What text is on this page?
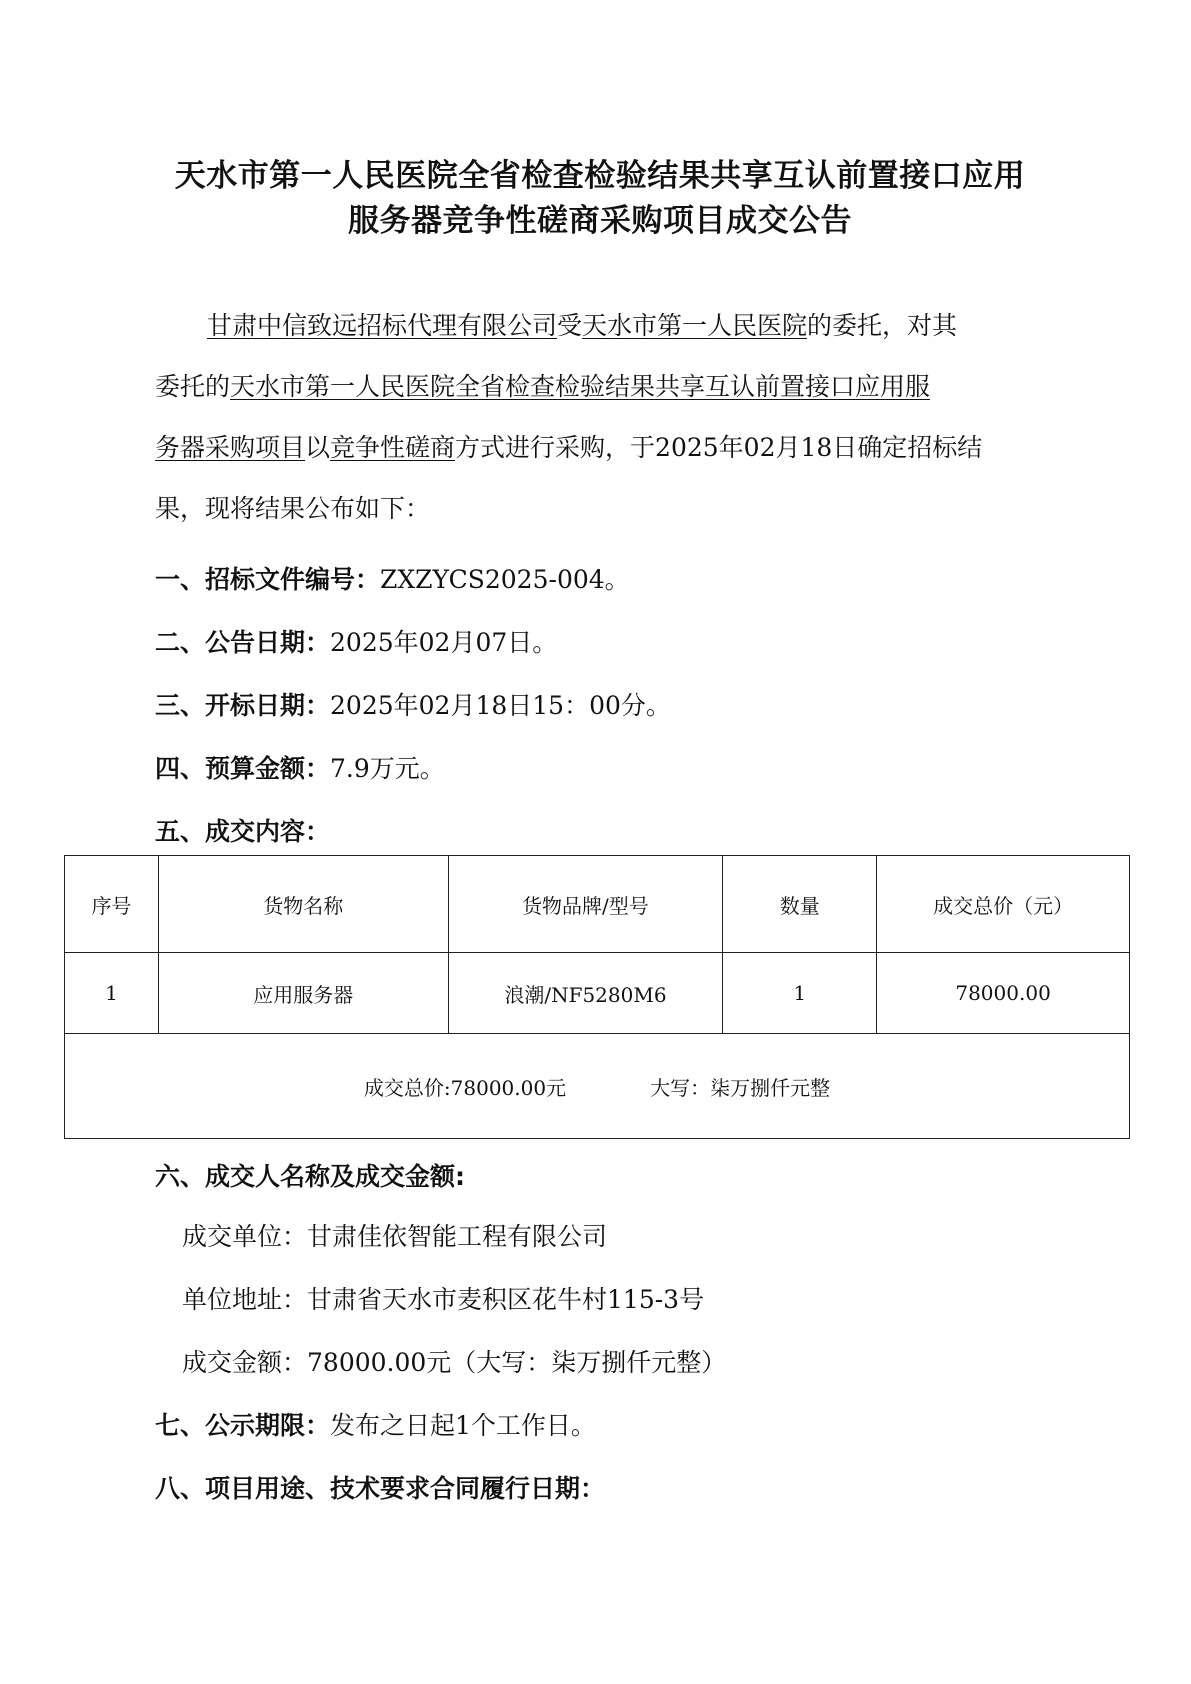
天水市第一人民医院全省检查检验结果共享互认前置接口应用
服务器竞争性磋商采购项目成交公告
甘肃中信致远招标代理有限公司受天水市第一人民医院的委托，对其
委托的天水市第一人民医院全省检查检验结果共享互认前置接口应用服
务器采购项目以竞争性磋商方式进行采购，于2025年02月18日确定招标结
果，现将结果公布如下：
一、招标文件编号：ZXZYCS2025-004。
二、公告日期：2025年02月07日。
三、开标日期：2025年02月18日15：00分。
四、预算金额：7.9万元。
五、成交内容：
序号	货物名称	货物品牌/型号	数量	成交总价（元）
1	应用服务器	浪潮/NF5280M6	1	78000.00
成交总价:78000.00元 大写：柒万捌仟元整				
六、成交人名称及成交金额:
成交单位：甘肃佳依智能工程有限公司
单位地址：甘肃省天水市麦积区花牛村115-3号
成交金额：78000.00元（大写：柒万捌仟元整）
七、公示期限：发布之日起1个工作日。
八、项目用途、技术要求合同履行日期：
